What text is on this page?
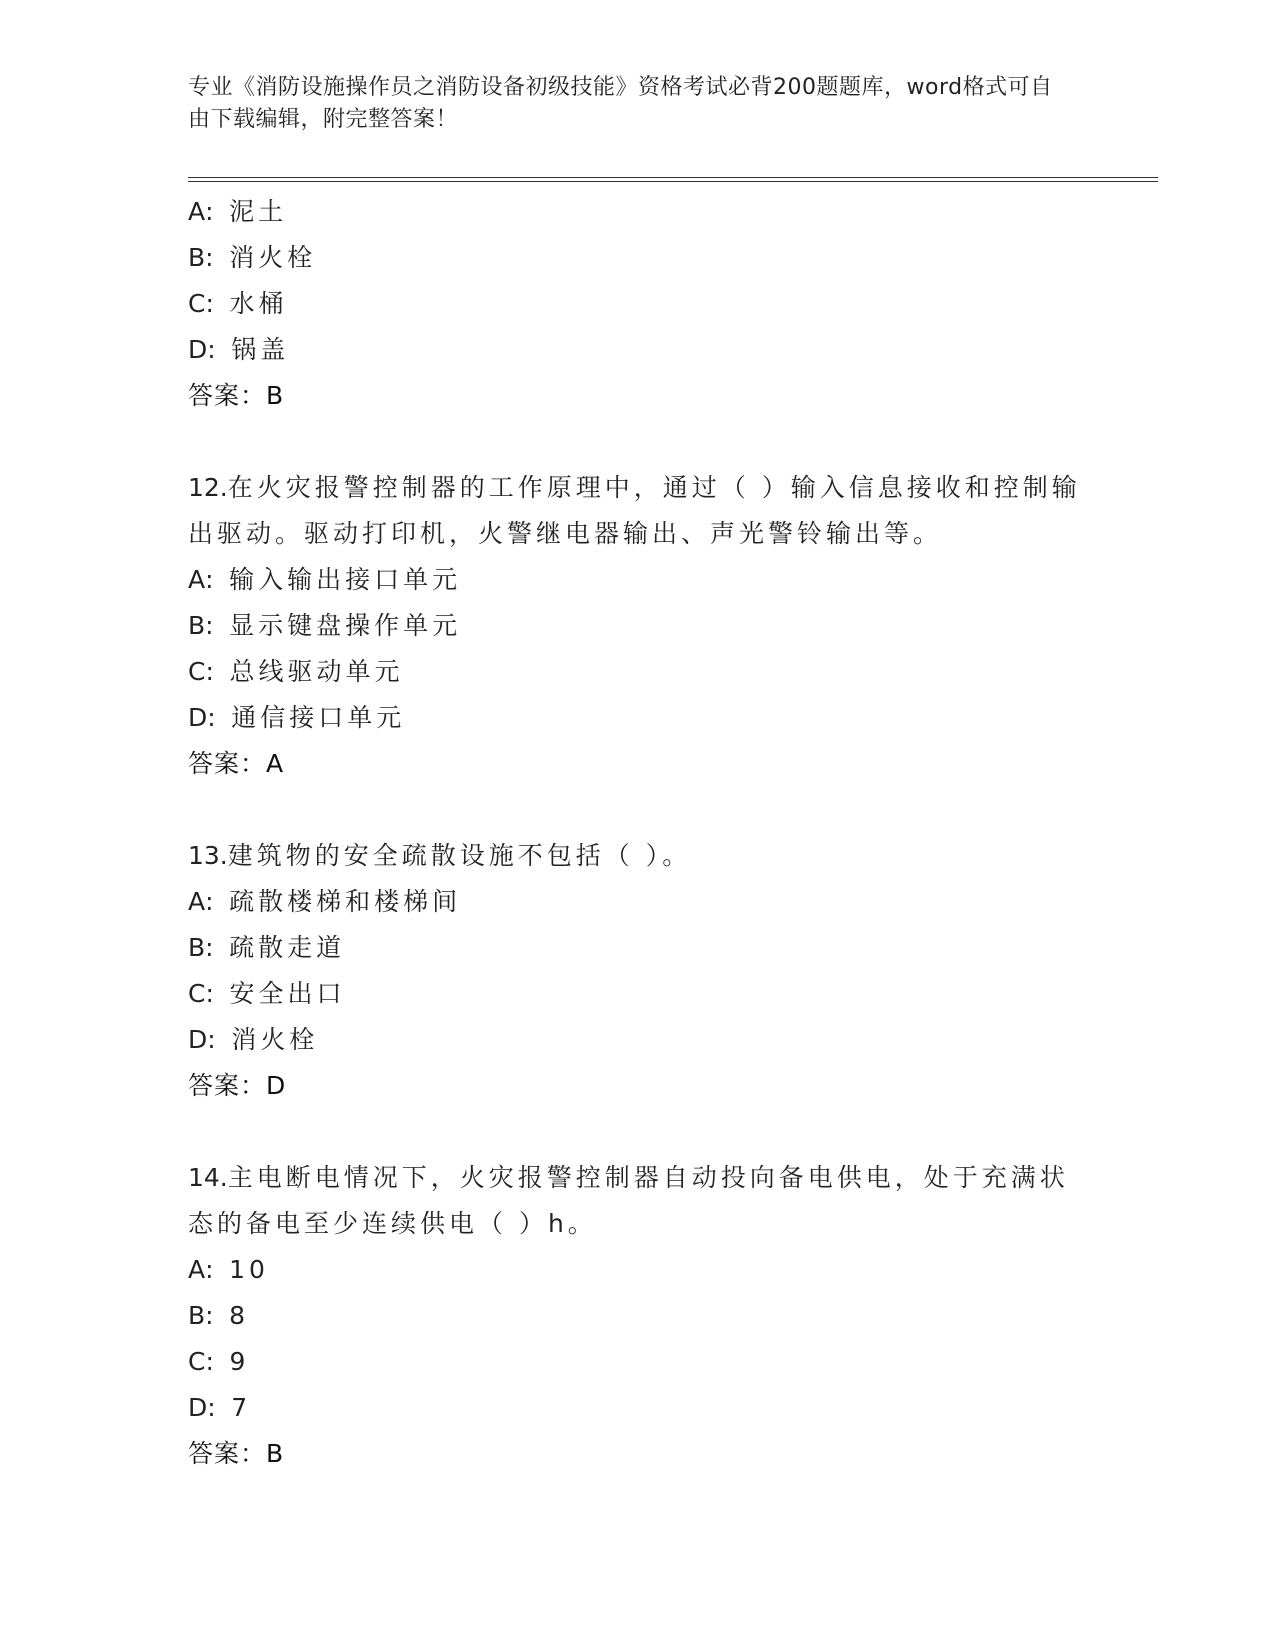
专业《消防设施操作员之消防设备初级技能》资格考试必背200题题库，word格式可自由下载编辑，附完整答案！
A: 泥土
B: 消火栓
C: 水桶
D: 锅盖
答案：B
12.在火灾报警控制器的工作原理中，通过（ ）输入信息接收和控制输出驱动。驱动打印机，火警继电器输出、声光警铃输出等。
A: 输入输出接口单元
B: 显示键盘操作单元
C: 总线驱动单元
D: 通信接口单元
答案：A
13.建筑物的安全疏散设施不包括（ ）。
A: 疏散楼梯和楼梯间
B: 疏散走道
C: 安全出口
D: 消火栓
答案：D
14.主电断电情况下，火灾报警控制器自动投向备电供电，处于充满状态的备电至少连续供电（ ）h。
A: 10
B: 8
C: 9
D: 7
答案：B
